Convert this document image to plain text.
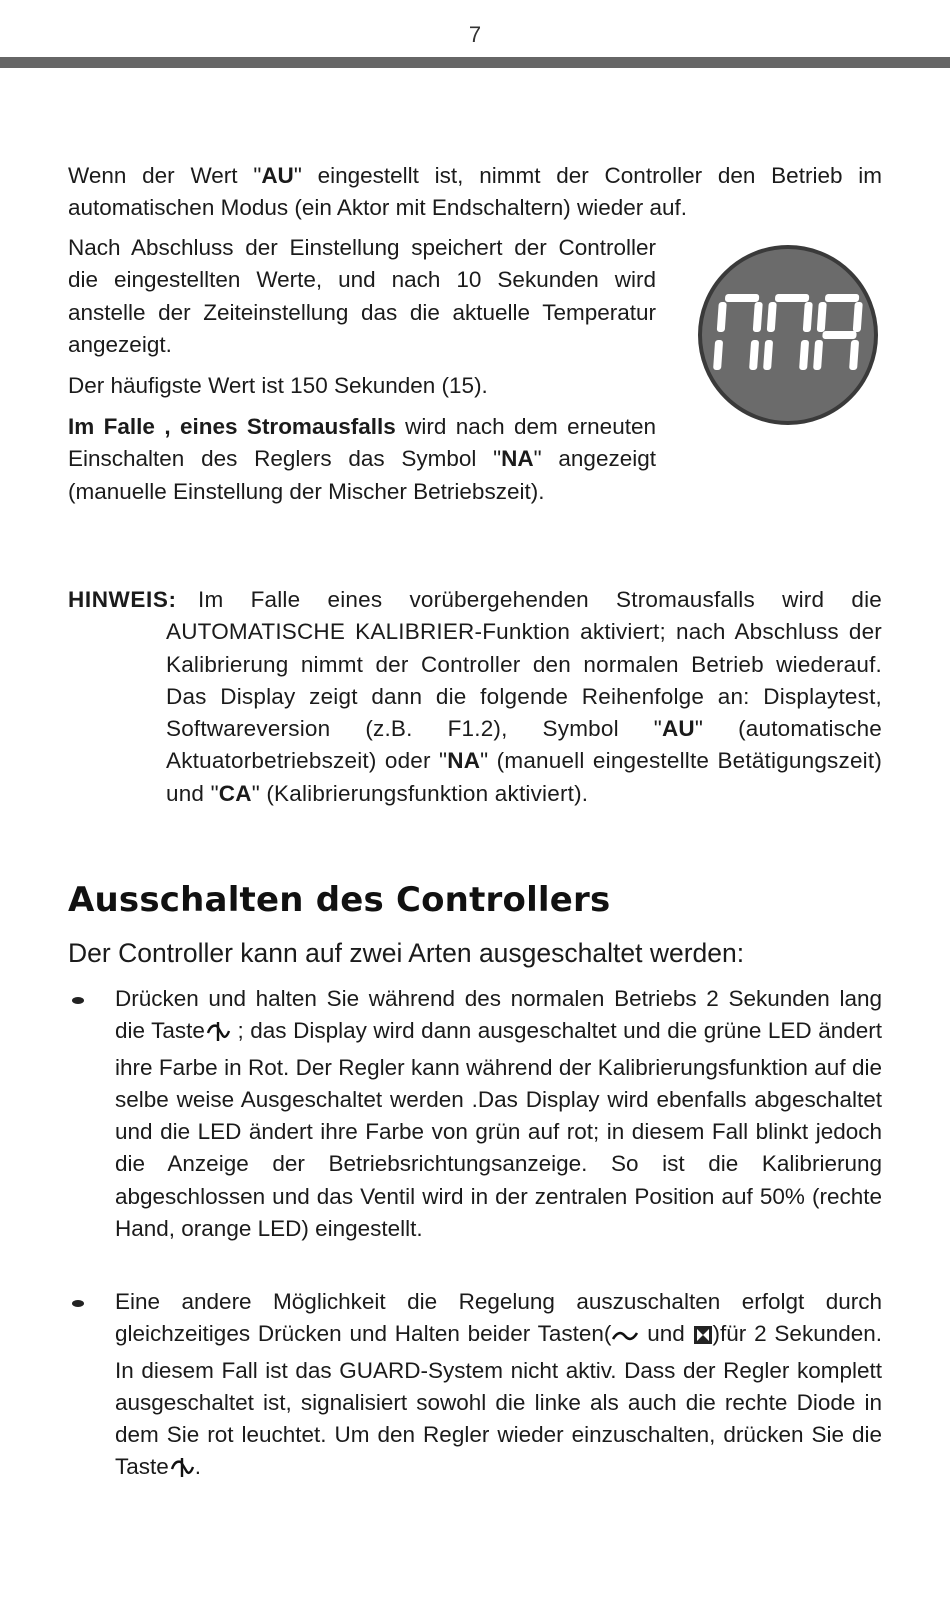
7

Wenn der Wert "AU" eingestellt ist, nimmt der Controller den Betrieb im automatischen Modus (ein Aktor mit Endschaltern) wieder auf.

Nach Abschluss der Einstellung speichert der Controller die eingestellten Werte, und nach 10 Sekunden wird anstelle der Zeiteinstellung das die aktuelle Temperatur angezeigt.

Der häufigste Wert ist 150 Sekunden (15).

Im Falle , eines Stromausfalls wird nach dem erneuten Einschalten des Reglers das Symbol "NA" angezeigt (manuelle Einstellung der Mischer Betriebszeit).

HINWEIS: Im Falle eines vorübergehenden Stromausfalls wird die AUTOMATISCHE KALIBRIER-Funktion aktiviert; nach Abschluss der Kalibrierung nimmt der Controller den normalen Betrieb wiederauf. Das Display zeigt dann die folgende Reihenfolge an: Displaytest, Softwareversion (z.B. F1.2), Symbol "AU" (automatische Aktuatorbetriebszeit) oder "NA" (manuell eingestellte Betätigungszeit) und "CA" (Kalibrierungsfunktion aktiviert).

Ausschalten des Controllers

Der Controller kann auf zwei Arten ausgeschaltet werden:

Drücken und halten Sie während des normalen Betriebs 2 Sekunden lang die Taste ; das Display wird dann ausgeschaltet und die grüne LED ändert ihre Farbe in Rot. Der Regler kann während der Kalibrierungsfunktion auf die selbe weise Ausgeschaltet werden .Das Display wird ebenfalls abgeschaltet und die LED ändert ihre Farbe von grün auf rot; in diesem Fall blinkt jedoch die Anzeige der Betriebsrichtungsanzeige. So ist die Kalibrierung abgeschlossen und das Ventil wird in der zentralen Position auf 50% (rechte Hand, orange LED) eingestellt.

Eine andere Möglichkeit die Regelung auszuschalten erfolgt durch gleichzeitiges Drücken und Halten beider Tasten( und )für 2 Sekunden. In diesem Fall ist das GUARD-System nicht aktiv. Dass der Regler komplett ausgeschaltet ist, signalisiert sowohl die linke als auch die rechte Diode in dem Sie rot leuchtet. Um den Regler wieder einzuschalten, drücken Sie die Taste .
